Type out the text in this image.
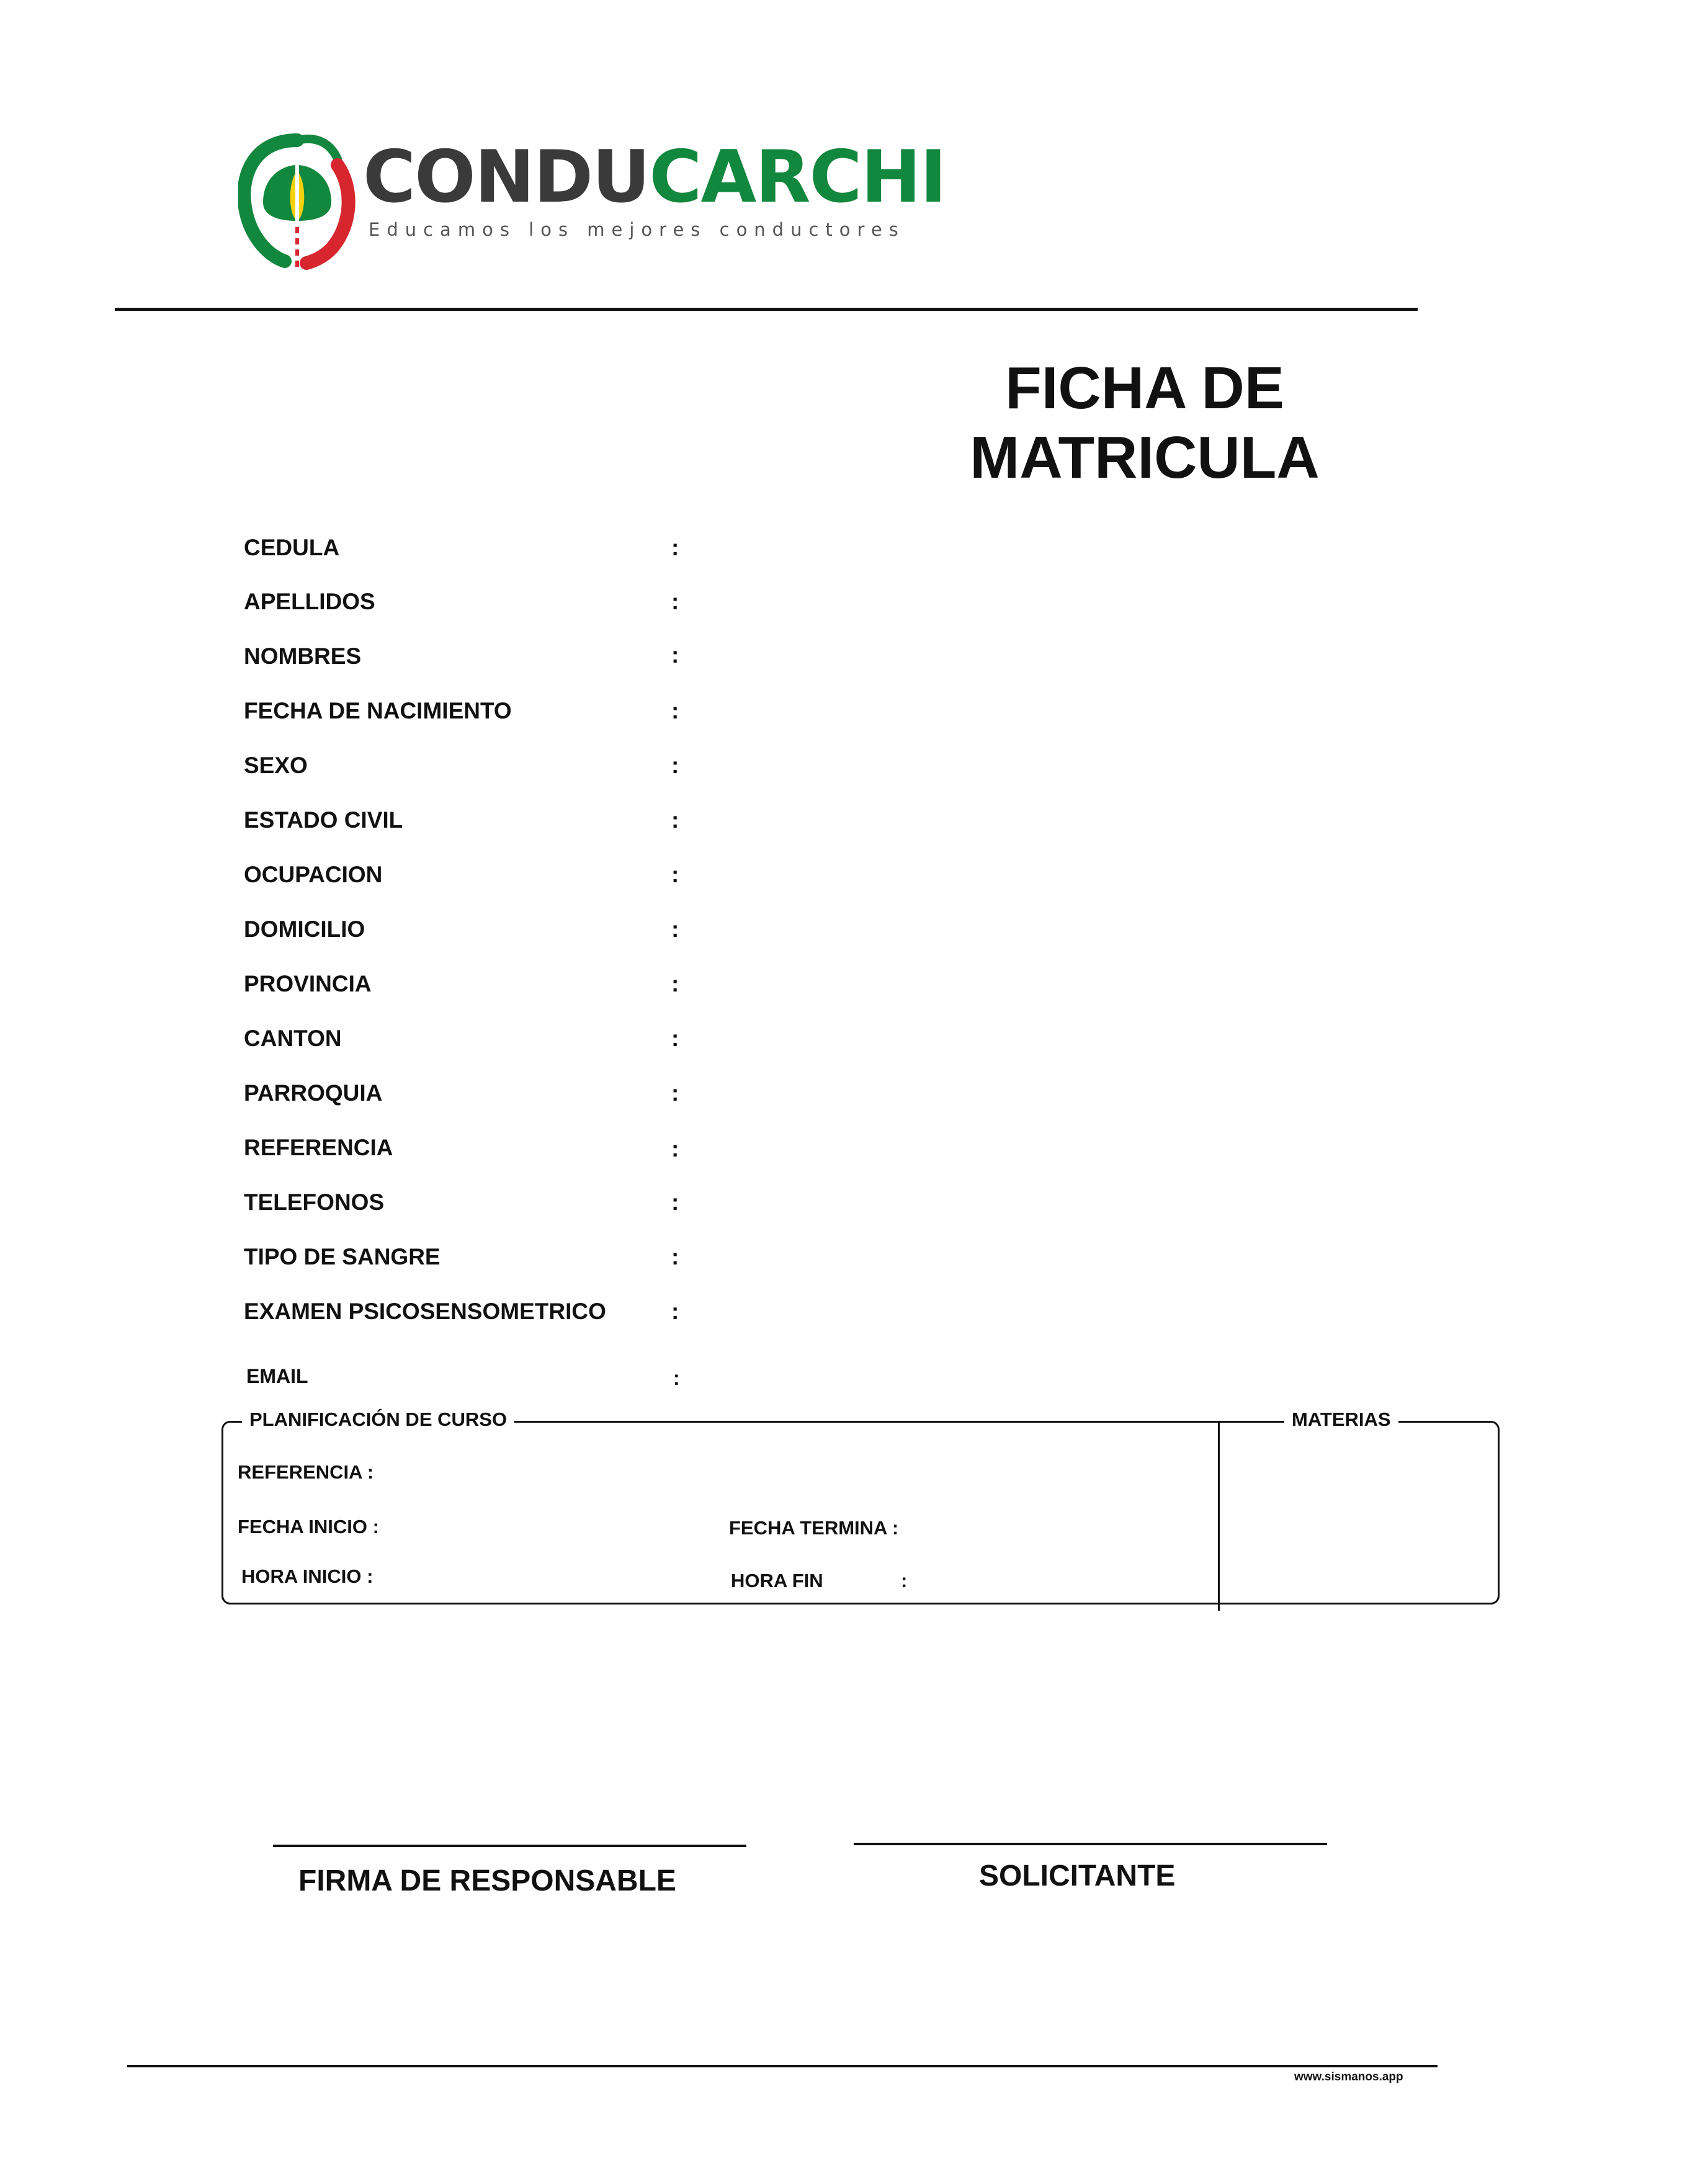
CONDUCARCHI
Educamos los mejores conductores
FICHA DE
MATRICULA
CEDULA	:
APELLIDOS	:
NOMBRES	:
FECHA DE NACIMIENTO	:
SEXO	:
ESTADO CIVIL	:
OCUPACION	:
DOMICILIO	:
PROVINCIA	:
CANTON	:
PARROQUIA	:
REFERENCIA	:
TELEFONOS	:
TIPO DE SANGRE	:
EXAMEN PSICOSENSOMETRICO	:
EMAIL	:
PLANIFICACIÓN DE CURSO	MATERIAS
REFERENCIA :
FECHA INICIO :	FECHA TERMINA :
HORA INICIO :	HORA FIN	:
FIRMA DE RESPONSABLE	SOLICITANTE
www.sismanos.app
